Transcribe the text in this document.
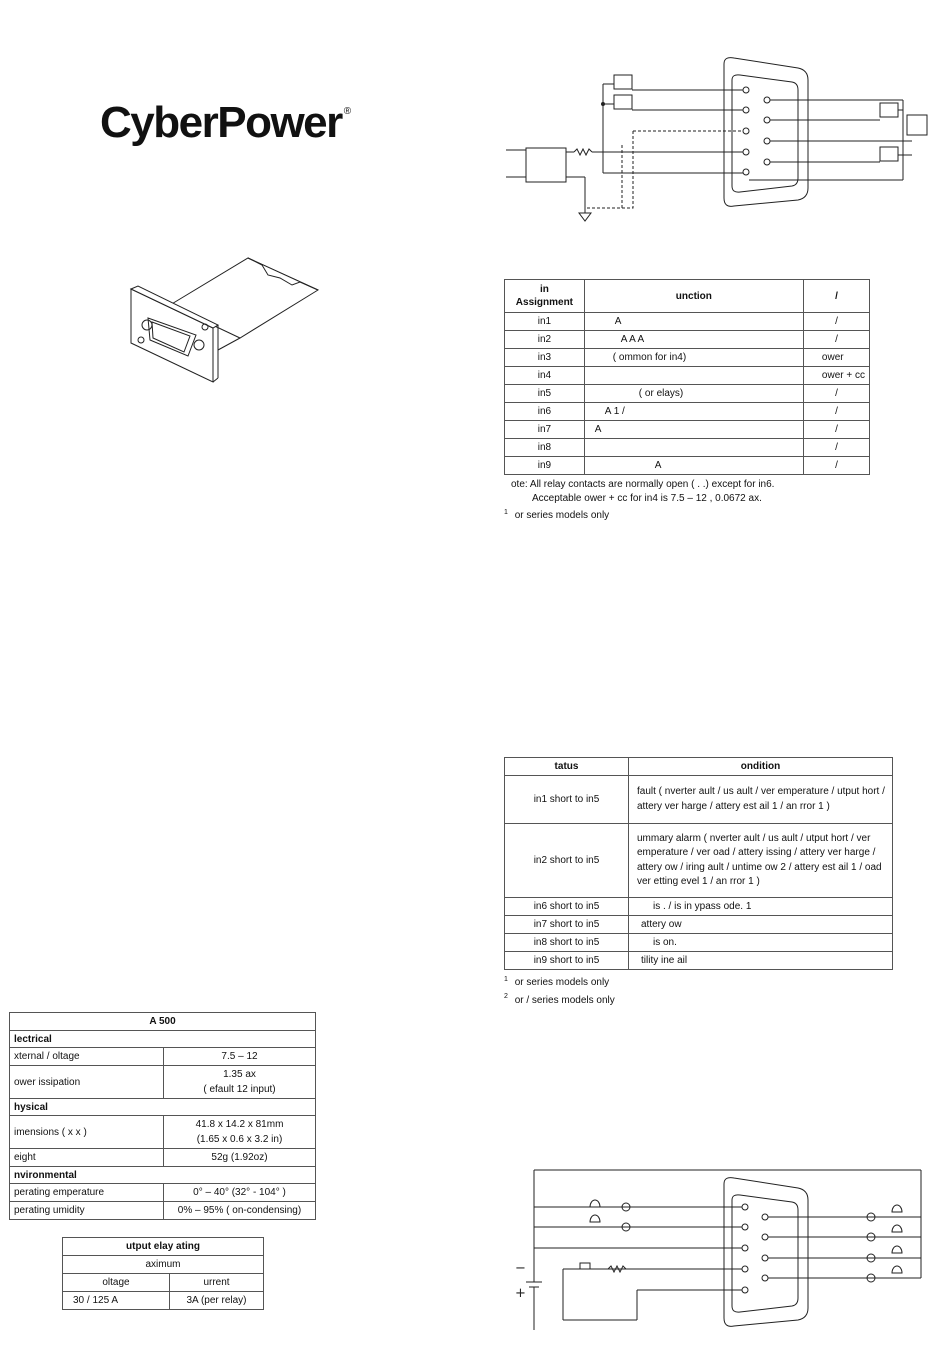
CyberPower ®
in
Assignment	unction	/
in1	A	/
in2	A A A	/
in3	( ommon for in4)	ower
in4		ower + cc
in5	( or elays)	/
in6	A 1 /	/
in7	A	/
in8		/
in9	A	/
ote: All relay contacts are normally open ( . .) except for in6.
Acceptable ower + cc for in4 is 7.5 – 12 , 0.0672 ax.
$^1$ or series models only
tatus	ondition
in1 short to in5	fault ( nverter ault / us ault / ver emperature / utput hort / attery ver harge / attery est ail 1 / an rror 1 )
in2 short to in5	ummary alarm ( nverter ault / us ault / utput hort / ver emperature / ver oad / attery issing / attery ver harge / attery ow / iring ault / untime ow 2 / attery est ail 1 / oad ver etting evel 1 / an rror 1 )
in6 short to in5	is . / is in ypass ode. 1
in7 short to in5	attery ow
in8 short to in5	is on.
in9 short to in5	tility ine ail
$^1$ or series models only
$^2$ or / series models only
A 500	
lectrical	
xternal / oltage	7.5 – 12
ower issipation	1.35 ax
( efault 12 input)
hysical	
imensions ( x x )	41.8 x 14.2 x 81mm
(1.65 x 0.6 x 3.2 in)
eight	52g (1.92oz)
nvironmental	
perating emperature	0° – 40° (32° - 104° )
perating umidity	0% – 95% ( on-condensing)
utput elay ating	
aximum	
oltage	urrent
30 / 125 A	3A (per relay)
−
+
